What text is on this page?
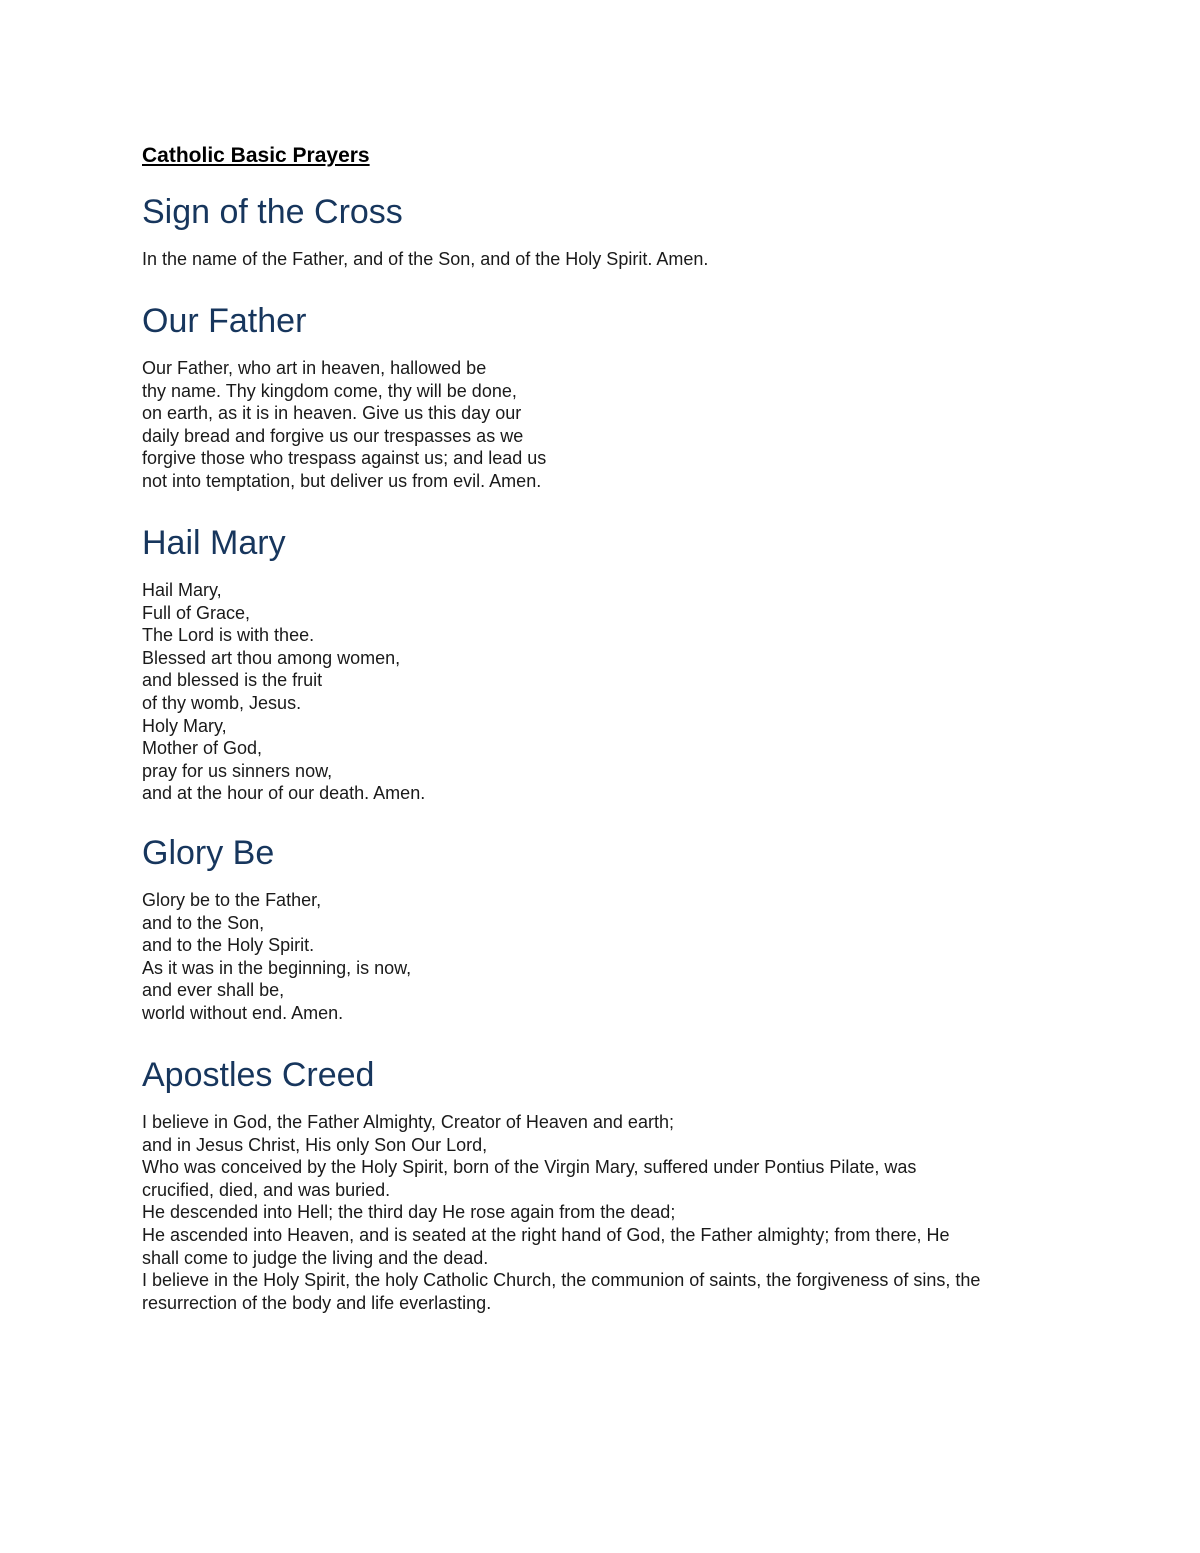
Catholic Basic Prayers
Sign of the Cross
In the name of the Father, and of the Son, and of the Holy Spirit. Amen.
Our Father
Our Father, who art in heaven, hallowed be
thy name. Thy kingdom come, thy will be done,
on earth, as it is in heaven. Give us this day our
daily bread and forgive us our trespasses as we
forgive those who trespass against us; and lead us
not into temptation, but deliver us from evil. Amen.
Hail Mary
Hail Mary,
Full of Grace,
The Lord is with thee.
Blessed art thou among women,
and blessed is the fruit
of thy womb, Jesus.
Holy Mary,
Mother of God,
pray for us sinners now,
and at the hour of our death. Amen.
Glory Be
Glory be to the Father,
and to the Son,
and to the Holy Spirit.
As it was in the beginning, is now,
and ever shall be,
world without end. Amen.
Apostles Creed
I believe in God, the Father Almighty, Creator of Heaven and earth;
and in Jesus Christ, His only Son Our Lord,
Who was conceived by the Holy Spirit, born of the Virgin Mary, suffered under Pontius Pilate, was
crucified, died, and was buried.
He descended into Hell; the third day He rose again from the dead;
He ascended into Heaven, and is seated at the right hand of God, the Father almighty; from there, He
shall come to judge the living and the dead.
I believe in the Holy Spirit, the holy Catholic Church, the communion of saints, the forgiveness of sins, the
resurrection of the body and life everlasting.
